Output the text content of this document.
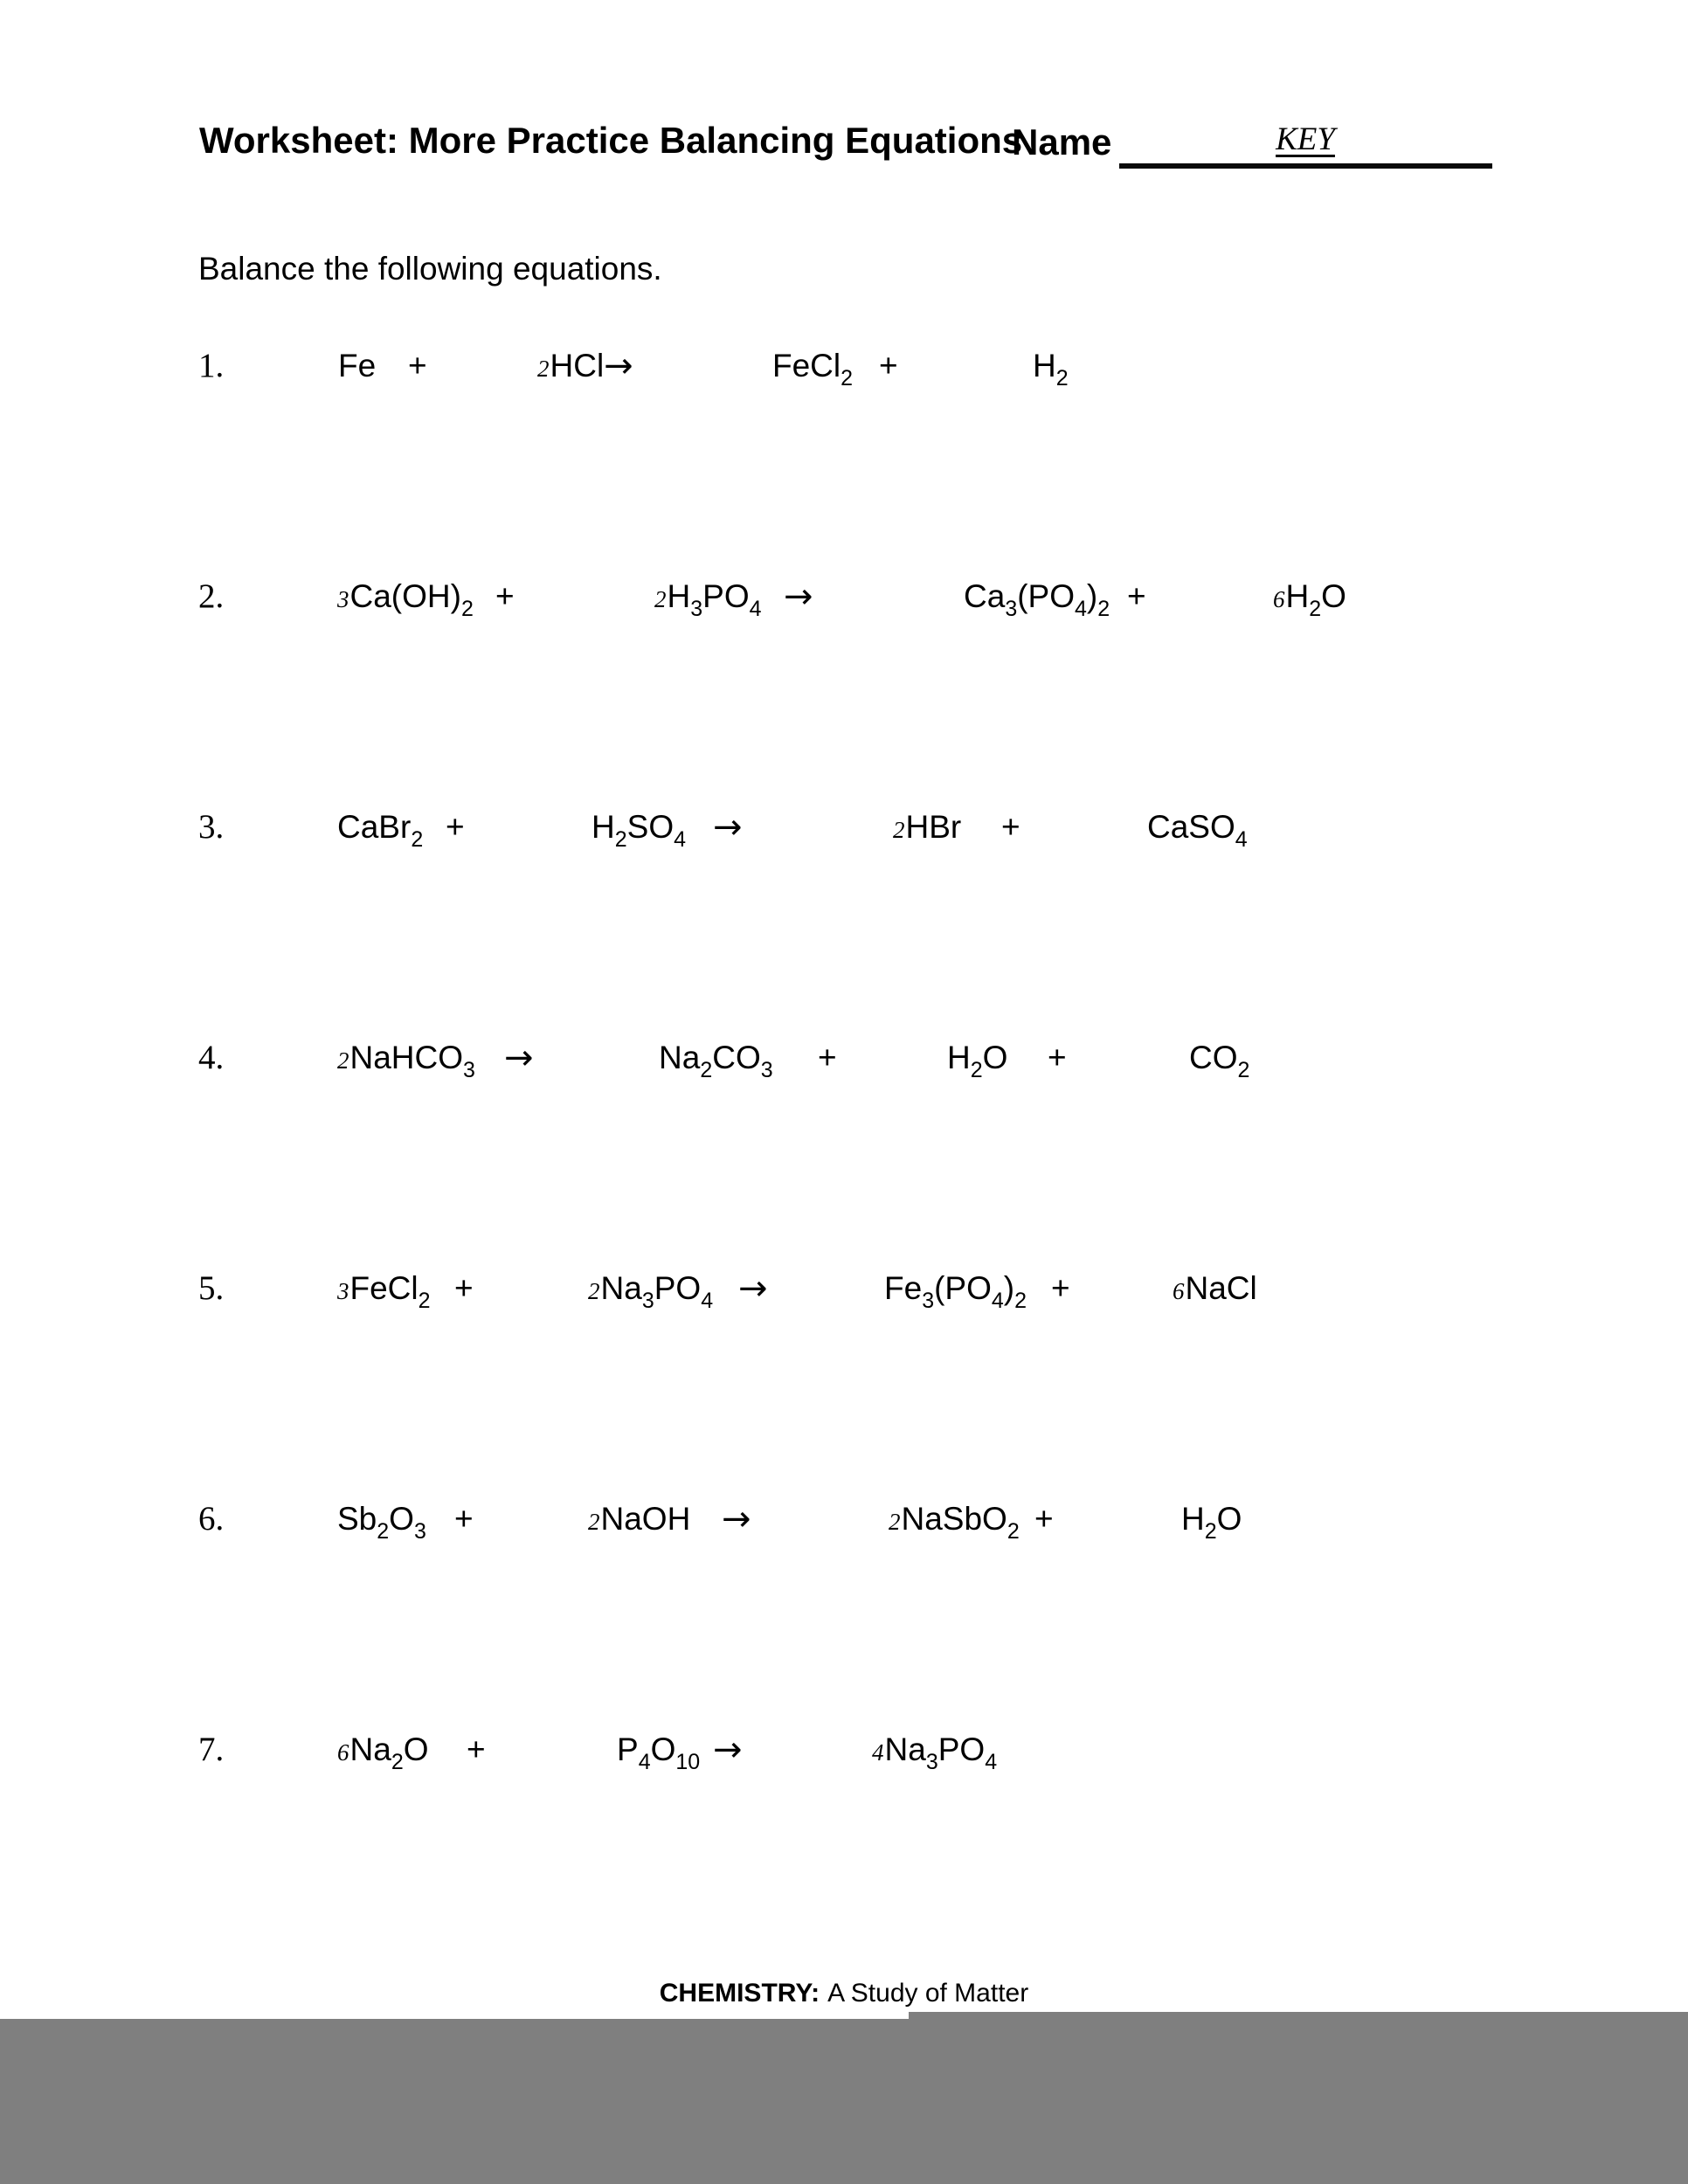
Worksheet: More Practice Balancing Equations
Name	KEY
Balance the following equations.
1.	Fe +	2HCl→	FeCl2 +	H2
2.	3Ca(OH)2 +	2H3PO4 →	Ca3(PO4)2 +	6H2O
3.	CaBr2 +	H2SO4 →	2HBr +	CaSO4
4.	2NaHCO3 →	Na2CO3 +	H2O +	CO2
5.	3FeCl2 +	2Na3PO4 →	Fe3(PO4)2 +	6NaCl
6.	Sb2O3 +	2NaOH →	2NaSbO2 +	H2O
7.	6Na2O +	P4O10 →	4Na3PO4
CHEMISTRY: A Study of Matter
